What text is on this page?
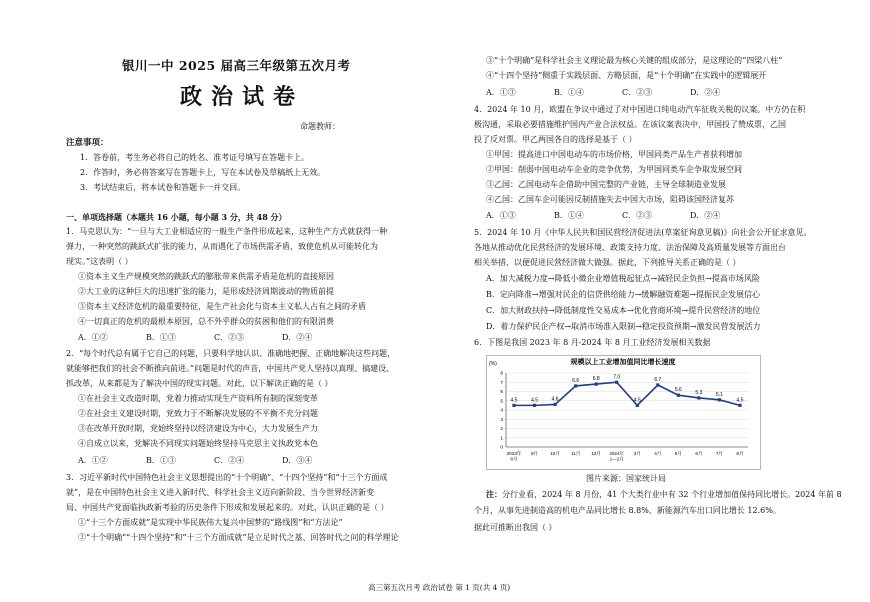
银川一中 2025 届高三年级第五次月考
政治试卷
命题教师：
注意事项：
1．答卷前，考生务必将自己的姓名、准考证号填写在答题卡上。
2．作答时，务必将答案写在答题卡上，写在本试卷及草稿纸上无效。
3．考试结束后，将本试卷和答题卡一并交回。
一、单项选择题（本题共 16 小题，每小题 3 分，共 48 分）
1．马克思认为：“一旦与大工业相适应的一般生产条件形成起来，这种生产方式就获得一种
弹力，一种突然的跳跃式扩张的能力，从而遇化了市场供需矛盾，致使危机从可能转化为
现实。”这表明（ ）
①资本主义生产规模突然的跳跃式的膨胀带来供需矛盾是危机的直接原因
②大工业的这种巨大的迅速扩张的能力，是形成经济周期波动的物质前提
③资本主义经济危机的最重要特征，是生产社会化与资本主义私人占有之间的矛盾
④一切真正的危机的最根本原因，总不外乎群众的贫困和他们的有限消费
A．①②	B．①③	C．②③	D．②④
2．“每个时代总有属于它自己的问题，只要科学地认识、准确地把握、正确地解决这些问题，
就能够把我们的社会不断推向前进。”问题是时代的声音，中国共产党人坚持以真理、搞建设、
抓改革，从来都是为了解决中国的现实问题。对此，以下解读正确的是（ ）
①在社会主义改造时期，党着力推动实现生产资料所有制的深刻变革
②在社会主义建设时期，党致力于不断解决发展的不平衡不充分问题
③在改革开放时期，党始终坚持以经济建设为中心，大力发展生产力
④自成立以来，党解决不同现实问题始终坚持马克思主义执政党本色
A．①②	B．①③	C．②④	D．③④
3．习近平新时代中国特色社会主义思想提出的“十个明确”、“十四个坚持”和“十三个方面成
就”，是在中国特色社会主义进入新时代、科学社会主义迈向新阶段、当今世界经济新变
局、中国共产党面临执政新考验的历史条件下形成和发展起来的。对此，认识正确的是（ ）
①“十三个方面成就”是实现中华民族伟大复兴中国梦的“路线图”和“方法论”
②“十个明确”“十四个坚持”和“十三个方面成就”是立足时代之基、回答时代之问的科学理论
③“十个明确”是科学社会主义理论最为核心关键的组成部分，是这理论的“四梁八柱”
④“十四个坚持”侧重于实践层面、方略层面，是“十个明确”在实践中的逻辑展开
A．①③	B．①④	C．②③	D．②④
4．2024 年 10 月，欧盟在争议中通过了对中国进口纯电动汽车征收关税的议案。中方仍在积
极沟通，采取必要措施维护国内产业合法权益。在该议案表决中，甲国投了赞成票，乙国
投了反对票。甲乙两国各自的选择是基于（ ）
①甲国：提高进口中国电动车的市场价格，甲国同类产品生产者获利增加
②甲国：削弱中国电动车企业的竞争优势，为甲国同类车企争取发展空间
③乙国：乙国电动车企借助中国完整的产业链，主导全球制造业发展
④乙国：乙国车企可能因反制措施失去中国大市场，阻碍该国经济复苏
A．①③	B．①④	C．②③	D．②④
5．2024 年 10 月《中华人民共和国民营经济促进法(草案征询意见稿)》向社会公开征求意见。
各地从推动优化民营经济的发展环境、政策支持力度、法治保障及高质量发展等方面出台
相关举措，以便促进民营经济做大做强。据此，下列推导关系正确的是（ ）
A．加大减税力度→降低小微企业增值税起征点→减轻民企负担→提高市场风险
B．定向降准→增强对民企的信贷供给能力→缓解融资难题→提振民企发展信心
C．加大财政扶持→降低制度性交易成本→优化营商环境→提升民营经济的地位
D．着力保护民企产权→取消市场准入限制→稳定投资预期→激发民营发展活力
6．下图是我国 2023 年 8 月-2024 年 8 月工业经济发展相关数据
规模以上工业增加值同比增长速度
(%)
0
1
2
3
4
5
6
7
8
2023年 8月
9月	10月 11月 12月 2024年 1—2月
3月	4月	5月	6月	7月	8月
4.5	4.5	4.6
6.6	6.8	7.0
4.5
6.7
5.6	5.3	5.1
4.5
图片来源：国家统计局
注：分行业看，2024 年 8 月份，41 个大类行业中有 32 个行业增加值保持同比增长。2024 年前 8
个月，从事先进制造高的机电产品同比增长 8.8%，新能源汽车出口同比增长 12.6%。
据此可推断出我国（ ）
高三第五次月考 政治试卷 第 1 页(共 4 页)
